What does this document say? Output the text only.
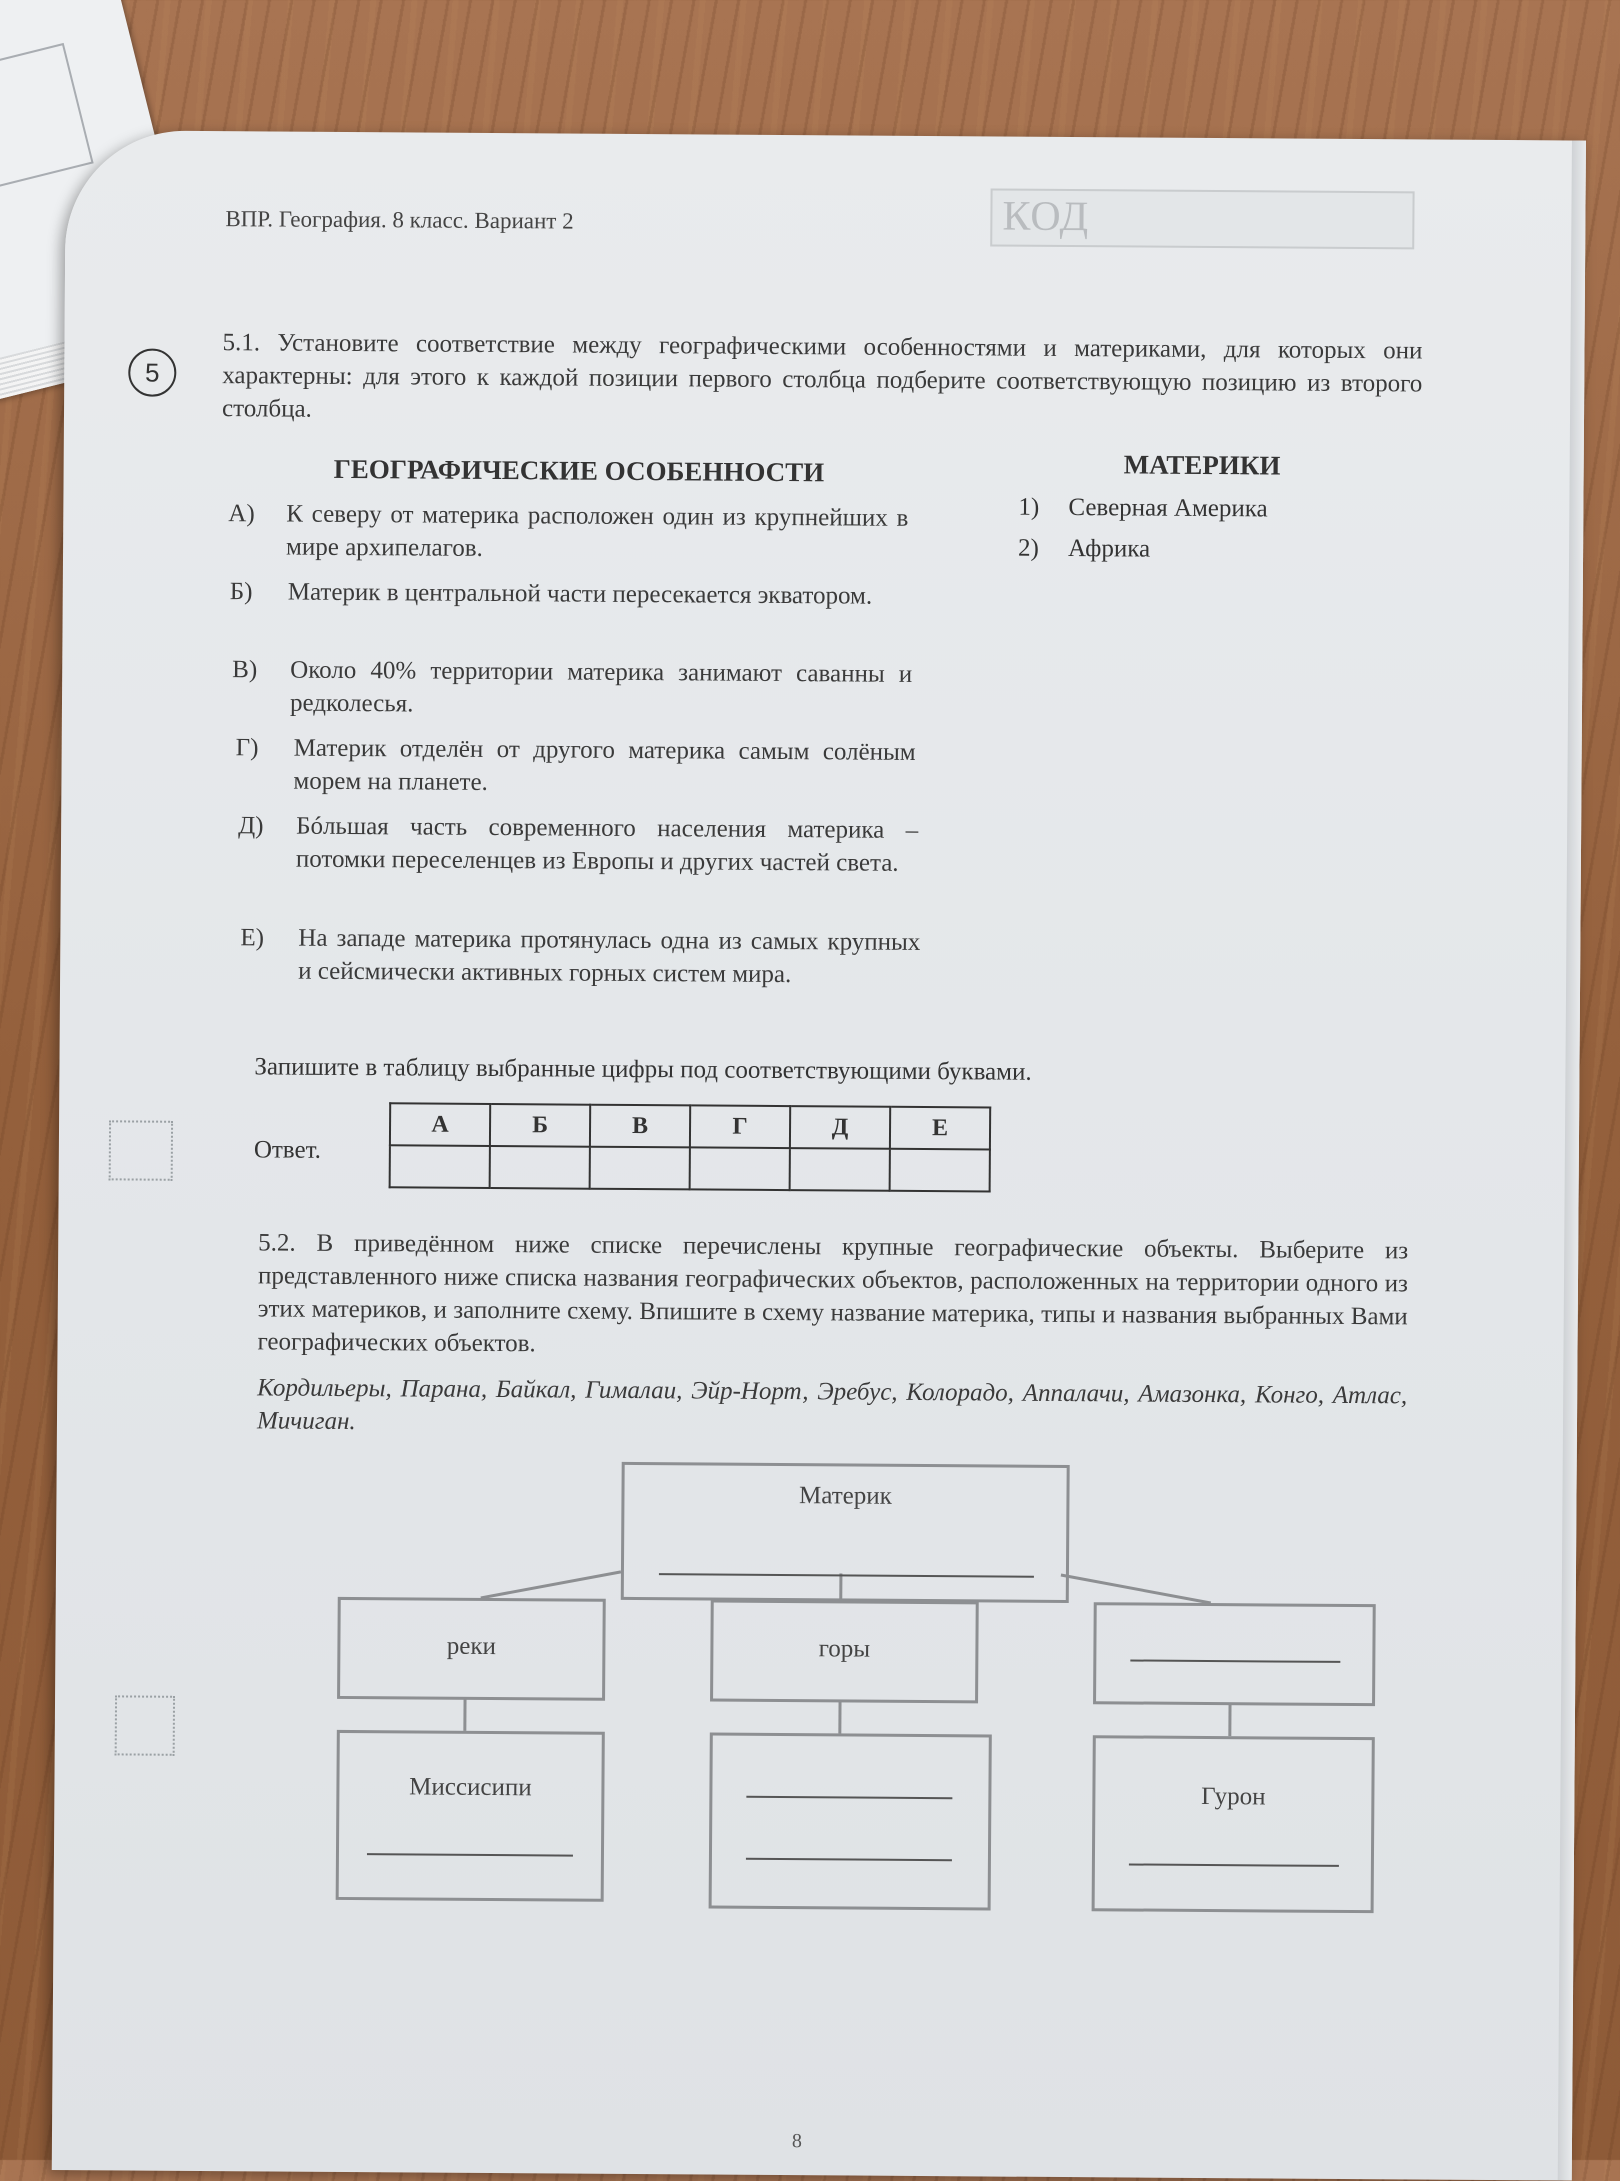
ВПР. География. 8 класс. Вариант 2	КОД
5
5.1. Установите соответствие между географическими особенностями и материками, для которых они характерны: для этого к каждой позиции первого столбца подберите соответствующую позицию из второго столбца.
ГЕОГРАФИЧЕСКИЕ ОСОБЕННОСТИ	МАТЕРИКИ
А) К северу от материка расположен один из крупнейших в мире архипелагов.
Б) Материк в центральной части пересекается экватором.
В) Около 40% территории материка занимают саванны и редколесья.
Г) Материк отделён от другого материка самым солёным морем на планете.
Д) Бóльшая часть современного населения материка – потомки переселенцев из Европы и других частей света.
Е) На западе материка протянулась одна из самых крупных и сейсмически активных горных систем мира.
1) Северная Америка
2) Африка
Запишите в таблицу выбранные цифры под соответствующими буквами.
Ответ.
А	Б	В	Г	Д	Е

5.2. В приведённом ниже списке перечислены крупные географические объекты. Выберите из представленного ниже списка названия географических объектов, расположенных на территории одного из этих материков, и заполните схему. Впишите в схему название материка, типы и названия выбранных Вами географических объектов.
Кордильеры, Парана, Байкал, Гималаи, Эйр-Норт, Эребус, Колорадо, Аппалачи, Амазонка, Конго, Атлас, Мичиган.
Материк
реки	горы
Миссисипи	Гурон
8
